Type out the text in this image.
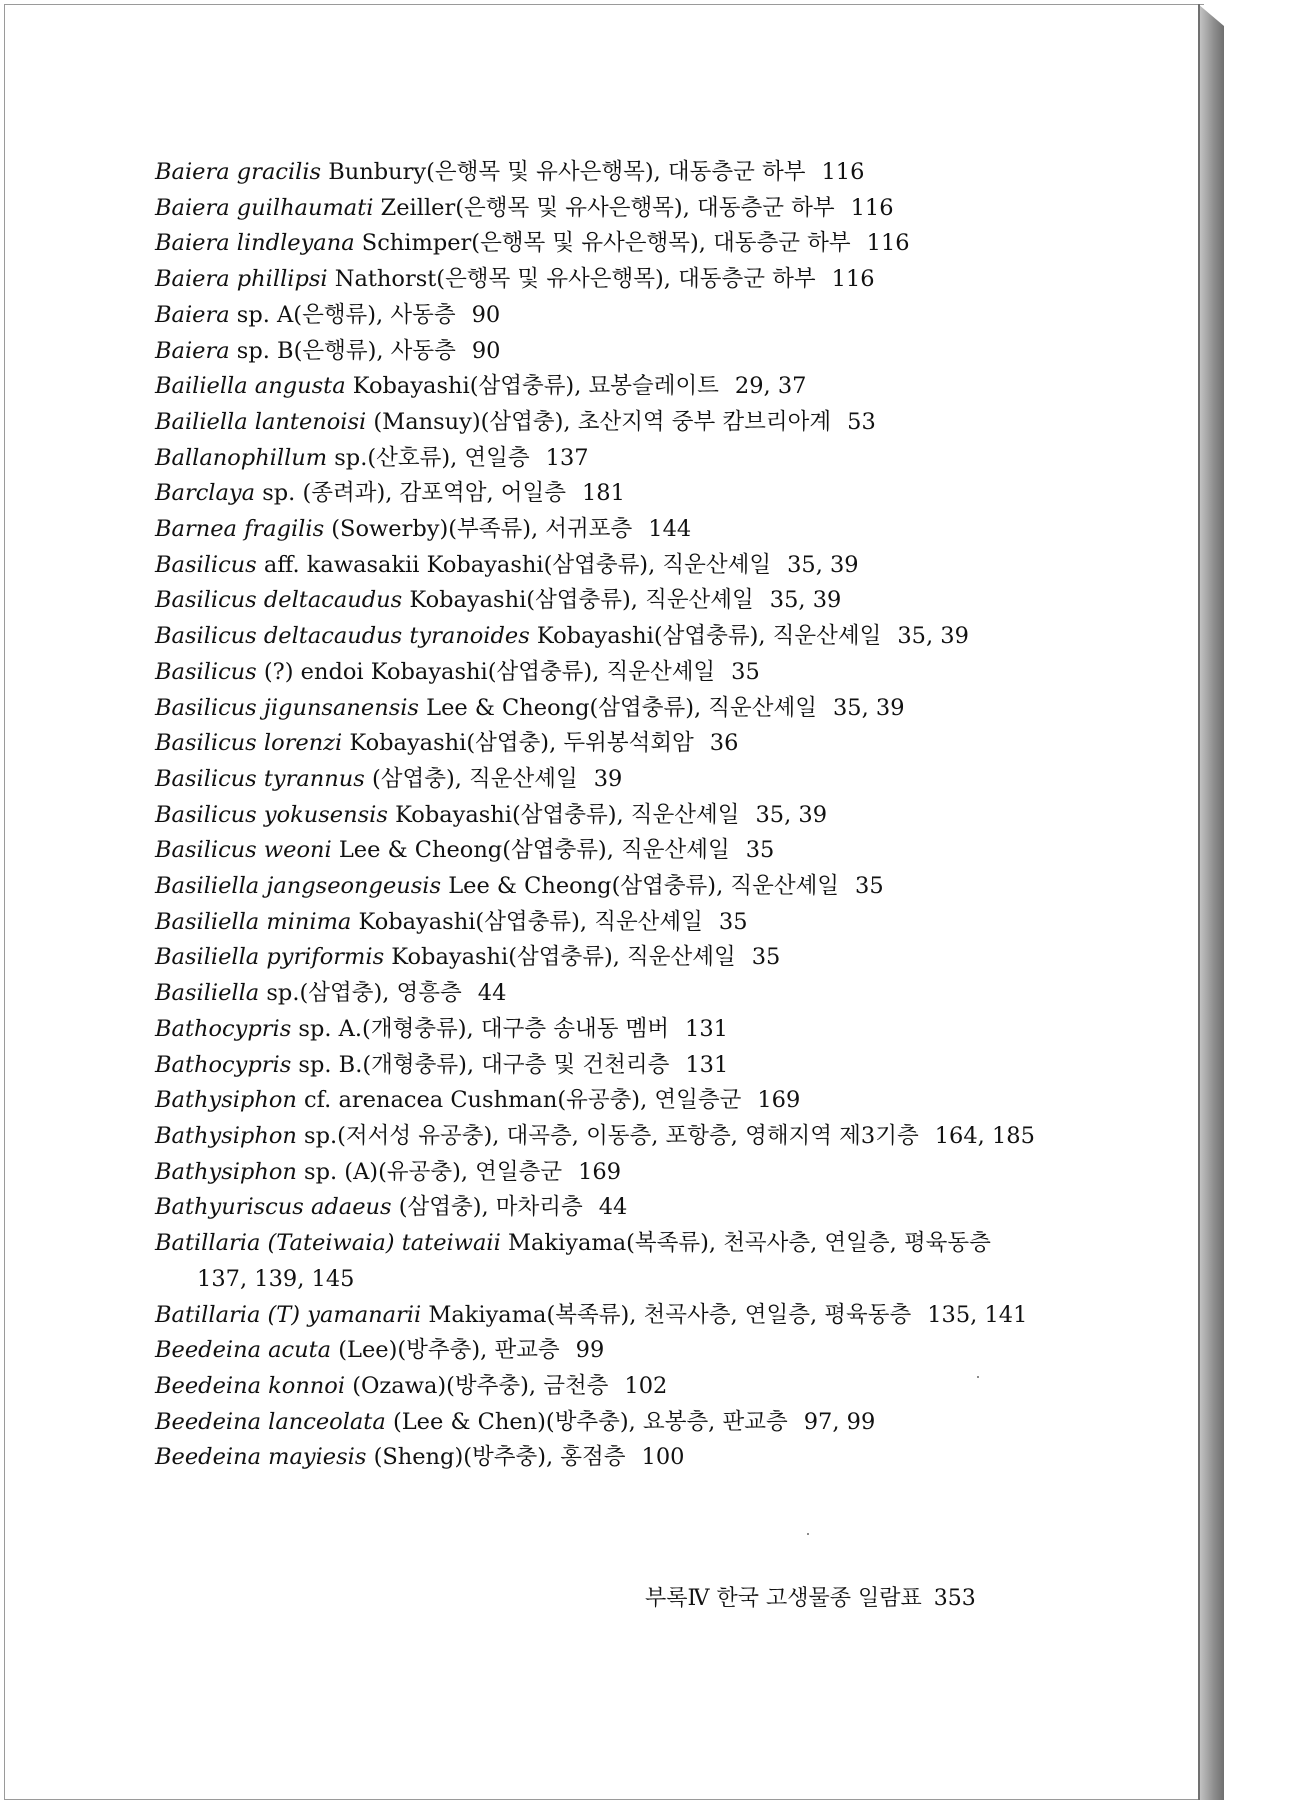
Baiera gracilis Bunbury(은행목 및 유사은행목), 대동층군 하부 116
Baiera guilhaumati Zeiller(은행목 및 유사은행목), 대동층군 하부 116
Baiera lindleyana Schimper(은행목 및 유사은행목), 대동층군 하부 116
Baiera phillipsi Nathorst(은행목 및 유사은행목), 대동층군 하부 116
Baiera sp. A(은행류), 사동층 90
Baiera sp. B(은행류), 사동층 90
Bailiella angusta Kobayashi(삼엽충류), 묘봉슬레이트 29, 37
Bailiella lantenoisi (Mansuy)(삼엽충), 초산지역 중부 캄브리아계 53
Ballanophillum sp.(산호류), 연일층 137
Barclaya sp. (종려과), 감포역암, 어일층 181
Barnea fragilis (Sowerby)(부족류), 서귀포층 144
Basilicus aff. kawasakii Kobayashi(삼엽충류), 직운산셰일 35, 39
Basilicus deltacaudus Kobayashi(삼엽충류), 직운산셰일 35, 39
Basilicus deltacaudus tyranoides Kobayashi(삼엽충류), 직운산셰일 35, 39
Basilicus (?) endoi Kobayashi(삼엽충류), 직운산셰일 35
Basilicus jigunsanensis Lee & Cheong(삼엽충류), 직운산셰일 35, 39
Basilicus lorenzi Kobayashi(삼엽충), 두위봉석회암 36
Basilicus tyrannus (삼엽충), 직운산셰일 39
Basilicus yokusensis Kobayashi(삼엽충류), 직운산셰일 35, 39
Basilicus weoni Lee & Cheong(삼엽충류), 직운산셰일 35
Basiliella jangseongeusis Lee & Cheong(삼엽충류), 직운산셰일 35
Basiliella minima Kobayashi(삼엽충류), 직운산셰일 35
Basiliella pyriformis Kobayashi(삼엽충류), 직운산셰일 35
Basiliella sp.(삼엽충), 영흥층 44
Bathocypris sp. A.(개형충류), 대구층 송내동 멤버 131
Bathocypris sp. B.(개형충류), 대구층 및 건천리층 131
Bathysiphon cf. arenacea Cushman(유공충), 연일층군 169
Bathysiphon sp.(저서성 유공충), 대곡층, 이동층, 포항층, 영해지역 제3기층 164, 185
Bathysiphon sp. (A)(유공충), 연일층군 169
Bathyuriscus adaeus (삼엽충), 마차리층 44
Batillaria (Tateiwaia) tateiwaii Makiyama(복족류), 천곡사층, 연일층, 평육동층137, 139, 145
Batillaria (T) yamanarii Makiyama(복족류), 천곡사층, 연일층, 평육동층 135, 141
Beedeina acuta (Lee)(방추충), 판교층 99
Beedeina konnoi (Ozawa)(방추충), 금천층 102
Beedeina lanceolata (Lee & Chen)(방추충), 요봉층, 판교층 97, 99
Beedeina mayiesis (Sheng)(방추충), 홍점층 100
부록Ⅳ 한국 고생물종 일람표 353
